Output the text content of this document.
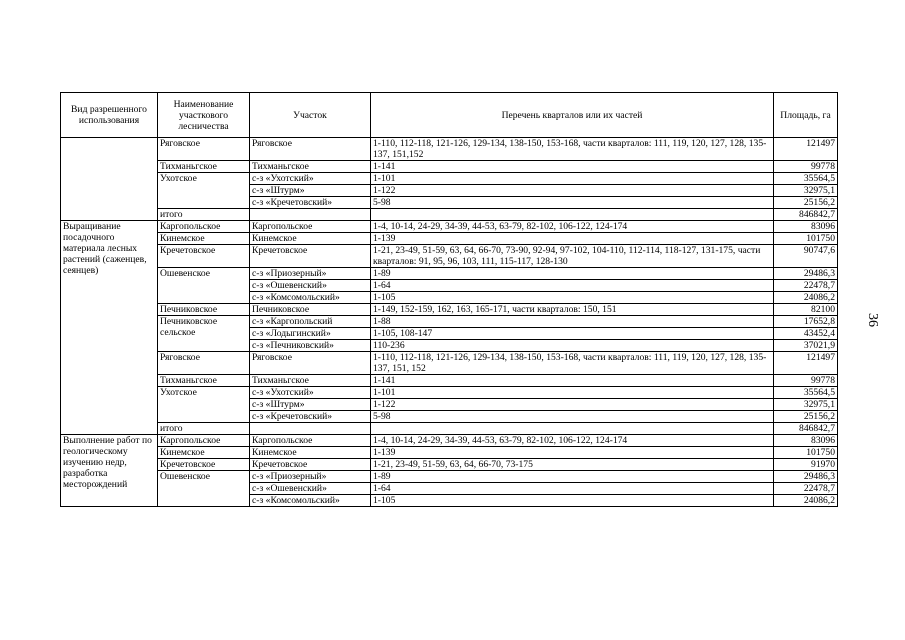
Вид разрешенного использования	Наименование участкового лесничества	Участок	Перечень кварталов или их частей	Площадь, га
	Ряговское	Ряговское	1-110, 112-118, 121-126, 129-134, 138-150, 153-168, части кварталов: 111, 119, 120, 127, 128, 135-137, 151,152	121497
	Тихманьгское	Тихманьгское	1-141	99778
	Ухотское	с-з «Ухотский»	1-101	35564,5
		с-з «Штурм»	1-122	32975,1
		с-з «Кречетовский»	5-98	25156,2
	итого			846842,7
Выращивание посадочного материала лесных растений (саженцев, сеянцев)	Каргопольское	Каргопольское	1-4, 10-14, 24-29, 34-39, 44-53, 63-79, 82-102, 106-122, 124-174	83096
	Кинемское	Кинемское	1-139	101750
	Кречетовское	Кречетовское	1-21, 23-49, 51-59, 63, 64, 66-70, 73-90, 92-94, 97-102, 104-110, 112-114, 118-127, 131-175, части кварталов: 91, 95, 96, 103, 111, 115-117, 128-130	90747,6
	Ошевенское	с-з «Приозерный»	1-89	29486,3
		с-з «Ошевенский»	1-64	22478,7
		с-з «Комсомольский»	1-105	24086,2
	Печниковское	Печниковское	1-149, 152-159, 162, 163, 165-171, части кварталов: 150, 151	82100
	Печниковское сельское	с-з «Каргопольский	1-88	17652,8
		с-з «Лодыгинский»	1-105, 108-147	43452,4
		с-з «Печниковский»	110-236	37021,9
	Ряговское	Ряговское	1-110, 112-118, 121-126, 129-134, 138-150, 153-168, части кварталов: 111, 119, 120, 127, 128, 135-137, 151, 152	121497
	Тихманьгское	Тихманьгское	1-141	99778
	Ухотское	с-з «Ухотский»	1-101	35564,5
		с-з «Штурм»	1-122	32975,1
		с-з «Кречетовский»	5-98	25156,2
	итого			846842,7
Выполнение работ по геологическому изучению недр, разработка месторождений	Каргопольское	Каргопольское	1-4, 10-14, 24-29, 34-39, 44-53, 63-79, 82-102, 106-122, 124-174	83096
	Кинемское	Кинемское	1-139	101750
	Кречетовское	Кречетовское	1-21, 23-49, 51-59, 63, 64, 66-70, 73-175	91970
	Ошевенское	с-з «Приозерный»	1-89	29486,3
		с-з «Ошевенский»	1-64	22478,7
		с-з «Комсомольский»	1-105	24086,2
36
